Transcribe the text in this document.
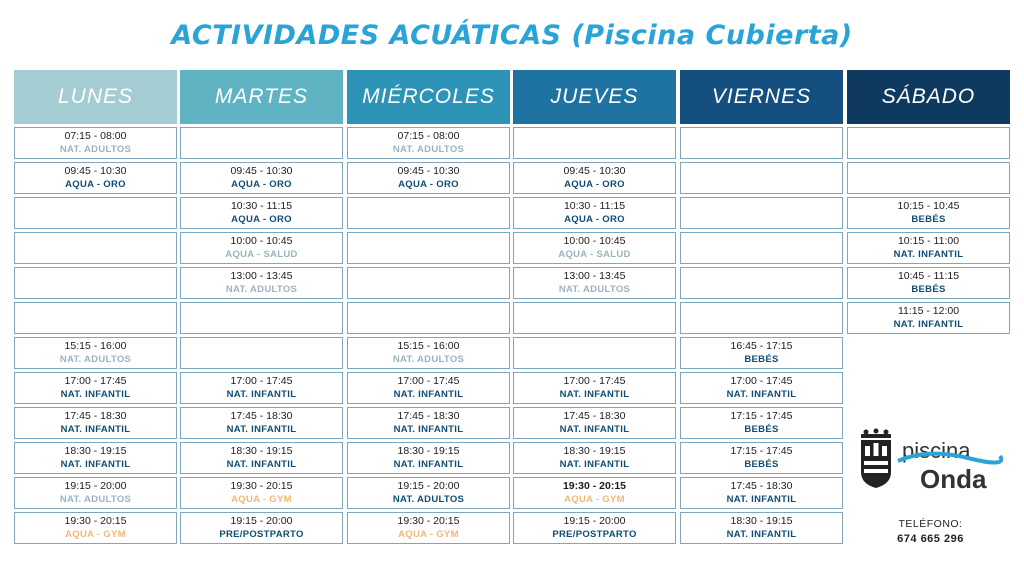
ACTIVIDADES ACUÁTICAS (Piscina Cubierta)
LUNES
07:15 - 08:00
NAT. ADULTOS
09:45 - 10:30
AQUA - ORO
15:15 - 16:00
NAT. ADULTOS
17:00 - 17:45
NAT. INFANTIL
17:45 - 18:30
NAT. INFANTIL
18:30 - 19:15
NAT. INFANTIL
19:15 - 20:00
NAT. ADULTOS
19:30 - 20:15
AQUA - GYM
MARTES
09:45 - 10:30
AQUA - ORO
10:30 - 11:15
AQUA - ORO
10:00 - 10:45
AQUA - SALUD
13:00 - 13:45
NAT. ADULTOS
17:00 - 17:45
NAT. INFANTIL
17:45 - 18:30
NAT. INFANTIL
18:30 - 19:15
NAT. INFANTIL
19:30 - 20:15
AQUA - GYM
19:15 - 20:00
PRE/POSTPARTO
MIÉRCOLES
07:15 - 08:00
NAT. ADULTOS
09:45 - 10:30
AQUA - ORO
15:15 - 16:00
NAT. ADULTOS
17:00 - 17:45
NAT. INFANTIL
17:45 - 18:30
NAT. INFANTIL
18:30 - 19:15
NAT. INFANTIL
19:15 - 20:00
NAT. ADULTOS
19:30 - 20:15
AQUA - GYM
JUEVES
09:45 - 10:30
AQUA - ORO
10:30 - 11:15
AQUA - ORO
10:00 - 10:45
AQUA - SALUD
13:00 - 13:45
NAT. ADULTOS
17:00 - 17:45
NAT. INFANTIL
17:45 - 18:30
NAT. INFANTIL
18:30 - 19:15
NAT. INFANTIL
19:30 - 20:15
AQUA - GYM
19:15 - 20:00
PRE/POSTPARTO
VIERNES
16:45 - 17:15
BEBÉS
17:00 - 17:45
NAT. INFANTIL
17:15 - 17:45
BEBÉS
17:15 - 17:45
BEBÉS
17:45 - 18:30
NAT. INFANTIL
18:30 - 19:15
NAT. INFANTIL
SÁBADO
10:15 - 10:45
BEBÉS
10:15 - 11:00
NAT. INFANTIL
10:45 - 11:15
BEBÉS
11:15 - 12:00
NAT. INFANTIL
piscina
Onda
TELÉFONO:
674 665 296
